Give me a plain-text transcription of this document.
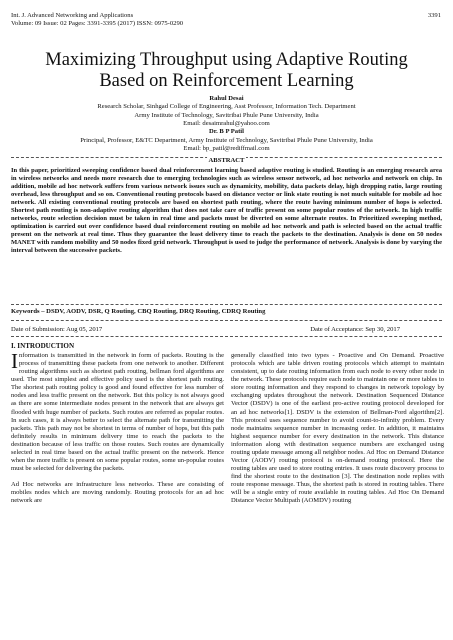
Int. J. Advanced Networking and Applications
Volume: 09 Issue: 02 Pages: 3391-3395 (2017) ISSN: 0975-0290
3391
Maximizing Throughput using Adaptive Routing
Based on Reinforcement Learning
Rahul Desai
Research Scholar, Sinhgad College of Engineering, Asst Professor, Information Tech. Department
Army Institute of Technology, Savitribai Phule Pune University, India
Email: desaimrahul@yahoo.com
Dr. B P Patil
Principal, Professor, E&TC Department, Army Institute of Technology, Savitribai Phule Pune University, India
Email: bp_patil@rediffmail.com
ABSTRACT
In this paper, prioritized sweeping confidence based dual reinforcement learning based adaptive routing is studied. Routing is an emerging research area in wireless networks and needs more research due to emerging technologies such as wireless sensor network, ad hoc networks and network on chip. In addition, mobile ad hoc network suffers from various network issues such as dynamicity, mobility, data packets delay, high dropping ratio, large routing overhead, less throughput and so on. Conventional routing protocols based on distance vector or link state routing is not much suitable for mobile ad hoc network. All existing conventional routing protocols are based on shortest path routing, where the route having minimum number of hops is selected. Shortest path routing is non-adaptive routing algorithm that does not take care of traffic present on some popular routes of the network. In high traffic networks, route selection decision must be taken in real time and packets must be diverted on some alternate routes. In Prioritized sweeping method, optimization is carried out over confidence based dual reinforcement routing on mobile ad hoc network and path is selected based on the actual traffic present on the network at real time. Thus they guarantee the least delivery time to reach the packets to the destination. Analysis is done on 50 nodes MANET with random mobility and 50 nodes fixed grid network. Throughput is used to judge the performance of network. Analysis is done by varying the interval between the successive packets.
Keywords – DSDV, AODV, DSR, Q Routing, CBQ Routing, DRQ Routing, CDRQ Routing
Date of Submission: Aug 05, 2017	Date of Acceptance: Sep 30, 2017
I. INTRODUCTION

Information is transmitted in the network in form of packets. Routing is the process of transmitting these packets from one network to another. Different routing algorithms such as shortest path routing, bellman ford algorithms are used. The most simplest and effective policy used is the shortest path routing. The shortest path routing policy is good and found effective for less number of nodes and less traffic present on the network. But this policy is not always good as there are some intermediate nodes present in the network that are always get flooded with huge number of packets. Such routes are referred as popular routes. In such cases, it is always better to select the alternate path for transmitting the packets. This path may not be shortest in terms of number of hops, but this path definitely results in minimum delivery time to reach the packets to the destination because of less traffic on those routes. Such routes are dynamically selected in real time based on the actual traffic present on the network. Hence when the more traffic is present on some popular routes, some un-popular routes must be selected for delivering the packets.

Ad Hoc networks are infrastructure less networks. These are consisting of mobiles nodes which are moving randomly. Routing protocols for an ad hoc network are

generally classified into two types - Proactive and On Demand. Proactive protocols which are table driven routing protocols which attempt to maintain consistent, up to date routing information from each node to every other node in the network. These protocols require each node to maintain one or more tables to store routing information and they respond to changes in network topology by exchanging updates throughout the network. Destination Sequenced Distance Vector (DSDV) is one of the earliest pro-active routing protocol developed for an ad hoc networks[1]. DSDV is the extension of Bellman-Ford algorithm[2]. This protocol uses sequence number to avoid count-to-infinity problem. Every node maintains sequence number in increasing order. In addition, it maintains highest sequence number for every destination in the network. This distance information along with destination sequence numbers are exchanged using routing update message among all neighbor nodes. Ad Hoc on Demand Distance Vector (AODV) routing protocol is on-demand routing protocol. Here the routing tables are used to store routing entries. It uses route discovery process to find the shortest route to the destination [3]. The destination node replies with route response message. Thus, the shortest path is stored in routing tables. There will be a single entry of route available in routing tables. Ad Hoc On Demand Distance Vector Multipath (AOMDV) routing
